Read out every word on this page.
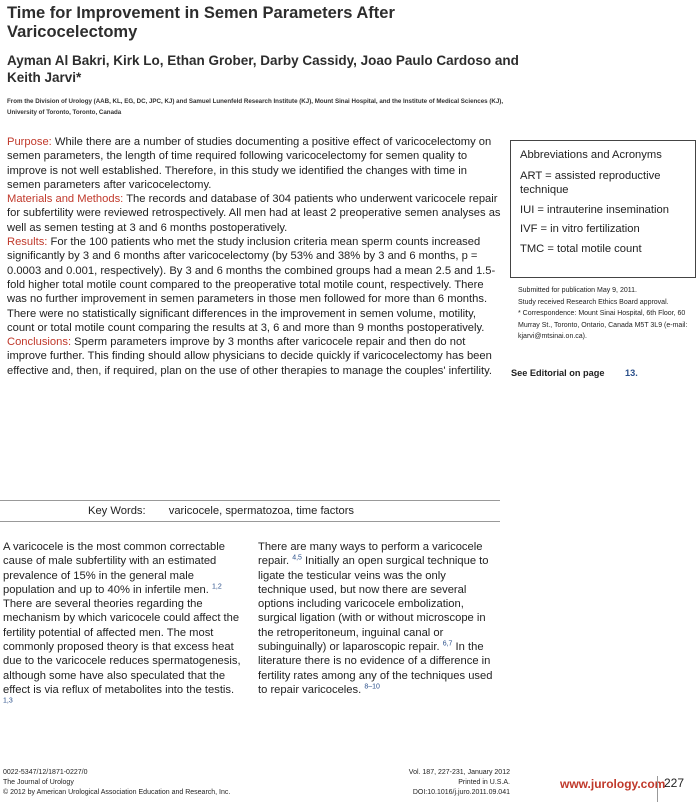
Time for Improvement in Semen Parameters After Varicocelectomy
Ayman Al Bakri, Kirk Lo, Ethan Grober, Darby Cassidy, Joao Paulo Cardoso and Keith Jarvi*
From the Division of Urology (AAB, KL, EG, DC, JPC, KJ) and Samuel Lunenfeld Research Institute (KJ), Mount Sinai Hospital, and the Institute of Medical Sciences (KJ), University of Toronto, Toronto, Canada

Purpose: While there are a number of studies documenting a positive effect of varicocelectomy on semen parameters, the length of time required following varicocelectomy for semen quality to improve is not well established. Therefore, in this study we identified the changes with time in semen parameters after varicocelectomy.

Materials and Methods: The records and database of 304 patients who underwent varicocele repair for subfertility were reviewed retrospectively. All men had at least 2 preoperative semen analyses as well as semen testing at 3 and 6 months postoperatively.

Results: For the 100 patients who met the study inclusion criteria mean sperm counts increased significantly by 3 and 6 months after varicocelectomy (by 53% and 38% by 3 and 6 months, p = 0.0003 and 0.001, respectively). By 3 and 6 months the combined groups had a mean 2.5 and 1.5-fold higher total motile count compared to the preoperative total motile count, respectively. There was no further improvement in semen parameters in those men followed for more than 6 months. There were no statistically significant differences in the improvement in semen volume, motility, count or total motile count comparing the results at 3, 6 and more than 9 months postoperatively.

Conclusions: Sperm parameters improve by 3 months after varicocele repair and then do not improve further. This finding should allow physicians to decide quickly if varicocelectomy has been effective and, then, if required, plan on the use of other therapies to manage the couples' infertility.

Abbreviations and Acronyms
ART = assisted reproductive technique
IUI = intrauterine insemination
IVF = in vitro fertilization
TMC = total motile count
Submitted for publication May 9, 2011.
Study received Research Ethics Board approval.
* Correspondence: Mount Sinai Hospital, 6th Floor, 60 Murray St., Toronto, Ontario, Canada M5T 3L9 (e-mail: kjarvi@mtsinai.on.ca).
See Editorial on page 13.
Key Words: varicocele, spermatozoa, time factors
A varicocele is the most common correctable cause of male subfertility with an estimated prevalence of 15% in the general male population and up to 40% in infertile men. $^{1,2}$ There are several theories regarding the mechanism by which varicocele could affect the fertility potential of affected men. The most commonly proposed theory is that excess heat due to the varicocele reduces spermatogenesis, although some have also speculated that the effect is via reflux of metabolites into the testis. $^{1,3}$
There are many ways to perform a varicocele repair. $^{4,5}$ Initially an open surgical technique to ligate the testicular veins was the only technique used, but now there are several options including varicocele embolization, surgical ligation (with or without microscope in the retroperitoneum, inguinal canal or subinguinally) or laparoscopic repair. $^{6,7}$ In the literature there is no evidence of a difference in fertility rates among any of the techniques used to repair varicoceles. $^{8-10}$
0022-5347/12/1871-0227/0
The Journal of Urology
© 2012 by American Urological Association Education and Research, Inc.
Vol. 187, 227-231, January 2012
Printed in U.S.A.
DOI:10.1016/j.juro.2011.09.041
www.jurology.com
227
